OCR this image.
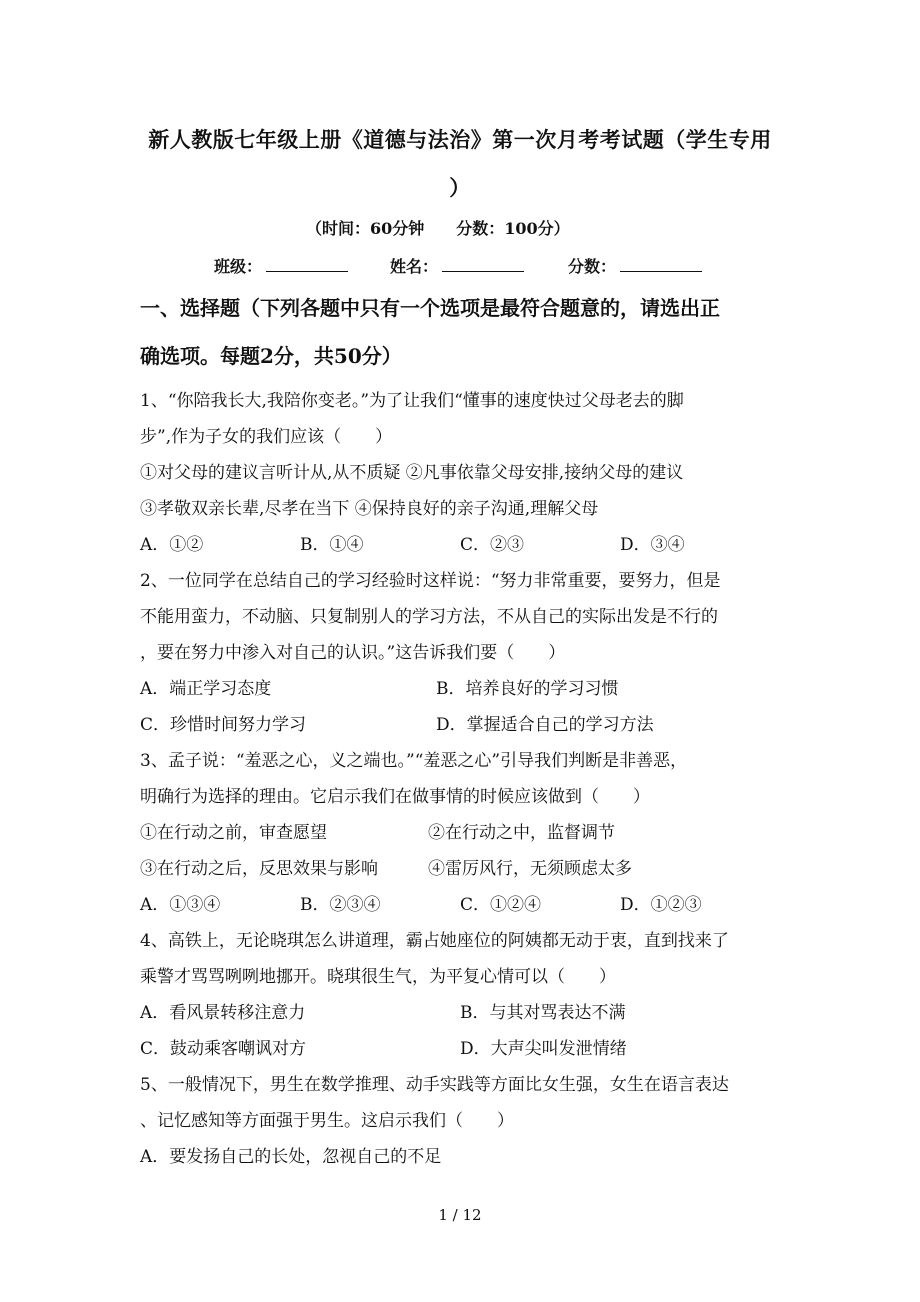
新人教版七年级上册《道德与法治》第一次月考考试题（学生专用
）
（时间：60分钟　　分数：100分）
班级：	姓名：	分数：
一、选择题（下列各题中只有一个选项是最符合题意的，请选出正
确选项。每题2分，共50分）
1、“你陪我长大,我陪你变老。”为了让我们“懂事的速度快过父母老去的脚
步”,作为子女的我们应该（　　）
①对父母的建议言听计从,从不质疑 ②凡事依靠父母安排,接纳父母的建议
③孝敬双亲长辈,尽孝在当下 ④保持良好的亲子沟通,理解父母
A．①②	B．①④	C．②③	D．③④
2、一位同学在总结自己的学习经验时这样说：“努力非常重要，要努力，但是
不能用蛮力，不动脑、只复制别人的学习方法，不从自己的实际出发是不行的
，要在努力中渗入对自己的认识。”这告诉我们要（　　）
A．端正学习态度	B．培养良好的学习习惯
C．珍惜时间努力学习	D．掌握适合自己的学习方法
3、孟子说：“羞恶之心，义之端也。”“羞恶之心”引导我们判断是非善恶，
明确行为选择的理由。它启示我们在做事情的时候应该做到（　　）
①在行动之前，审查愿望	②在行动之中，监督调节
③在行动之后，反思效果与影响	④雷厉风行，无须顾虑太多
A．①③④	B．②③④	C．①②④	D．①②③
4、高铁上，无论晓琪怎么讲道理，霸占她座位的阿姨都无动于衷，直到找来了
乘警才骂骂咧咧地挪开。晓琪很生气，为平复心情可以（　　）
A．看风景转移注意力	B．与其对骂表达不满
C．鼓动乘客嘲讽对方	D．大声尖叫发泄情绪
5、一般情况下，男生在数学推理、动手实践等方面比女生强，女生在语言表达
、记忆感知等方面强于男生。这启示我们（　　）
A．要发扬自己的长处，忽视自己的不足
1 / 12
